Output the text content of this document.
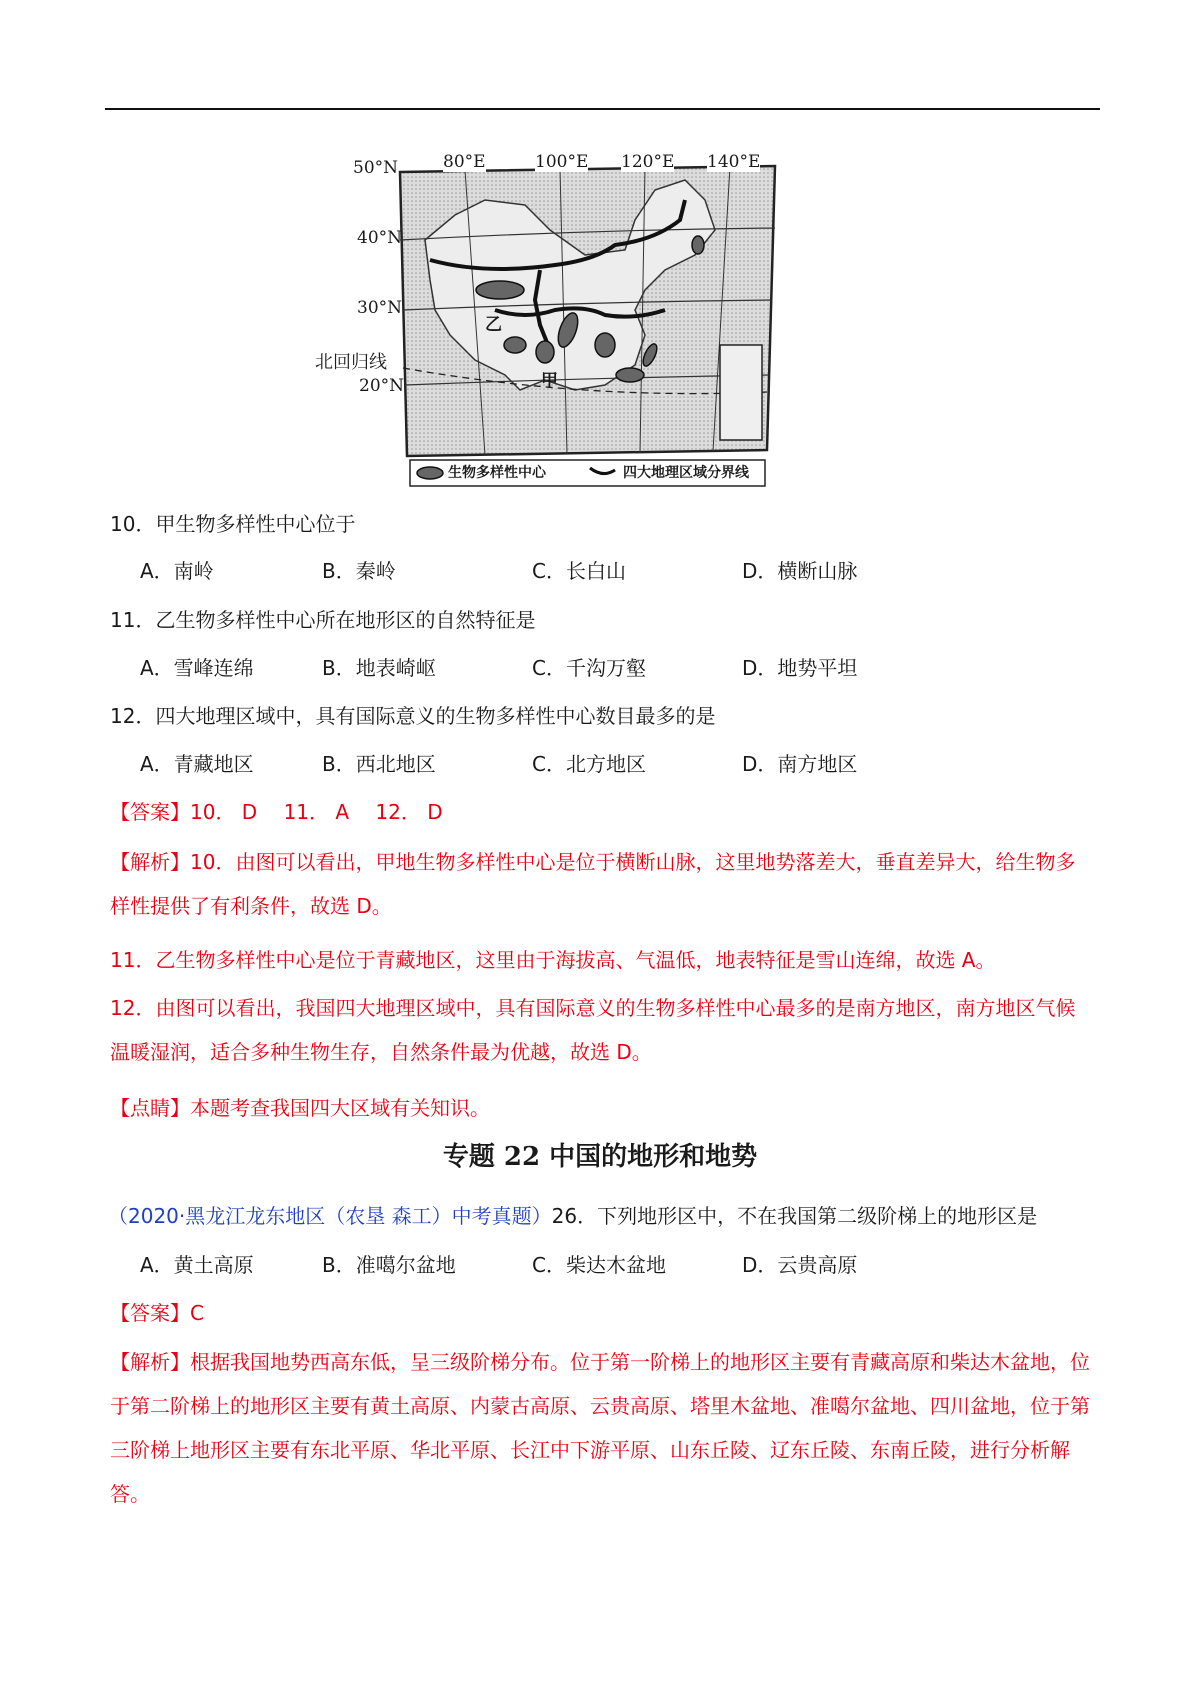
50°N
40°N
30°N
20°N
80°E	100°E 120°E 140°E
北回归线
甲
乙
生物多样性中心	四大地理区域分界线
10．甲生物多样性中心位于
A．南岭	B．秦岭	C．长白山	D．横断山脉
11．乙生物多样性中心所在地形区的自然特征是
A．雪峰连绵	B．地表崎岖	C．千沟万壑	D．地势平坦
12．四大地理区域中，具有国际意义的生物多样性中心数目最多的是
A．青藏地区	B．西北地区	C．北方地区	D．南方地区
【答案】10． D　 11． A　 12． D
【解析】10．由图可以看出，甲地生物多样性中心是位于横断山脉，这里地势落差大，垂直差异大，给生物多样性提供了有利条件，故选 D。
11．乙生物多样性中心是位于青藏地区，这里由于海拔高、气温低，地表特征是雪山连绵，故选 A。
12．由图可以看出，我国四大地理区域中，具有国际意义的生物多样性中心最多的是南方地区，南方地区气候温暖湿润，适合多种生物生存，自然条件最为优越，故选 D。
【点睛】本题考查我国四大区域有关知识。
专题 22 中国的地形和地势
（2020·黑龙江龙东地区（农垦 森工）中考真题）26．下列地形区中，不在我国第二级阶梯上的地形区是
A．黄土高原	B．准噶尔盆地	C．柴达木盆地	D．云贵高原
【答案】C
【解析】根据我国地势西高东低，呈三级阶梯分布。位于第一阶梯上的地形区主要有青藏高原和柴达木盆地，位于第二阶梯上的地形区主要有黄土高原、内蒙古高原、云贵高原、塔里木盆地、准噶尔盆地、四川盆地，位于第三阶梯上地形区主要有东北平原、华北平原、长江中下游平原、山东丘陵、辽东丘陵、东南丘陵，进行分析解答。
